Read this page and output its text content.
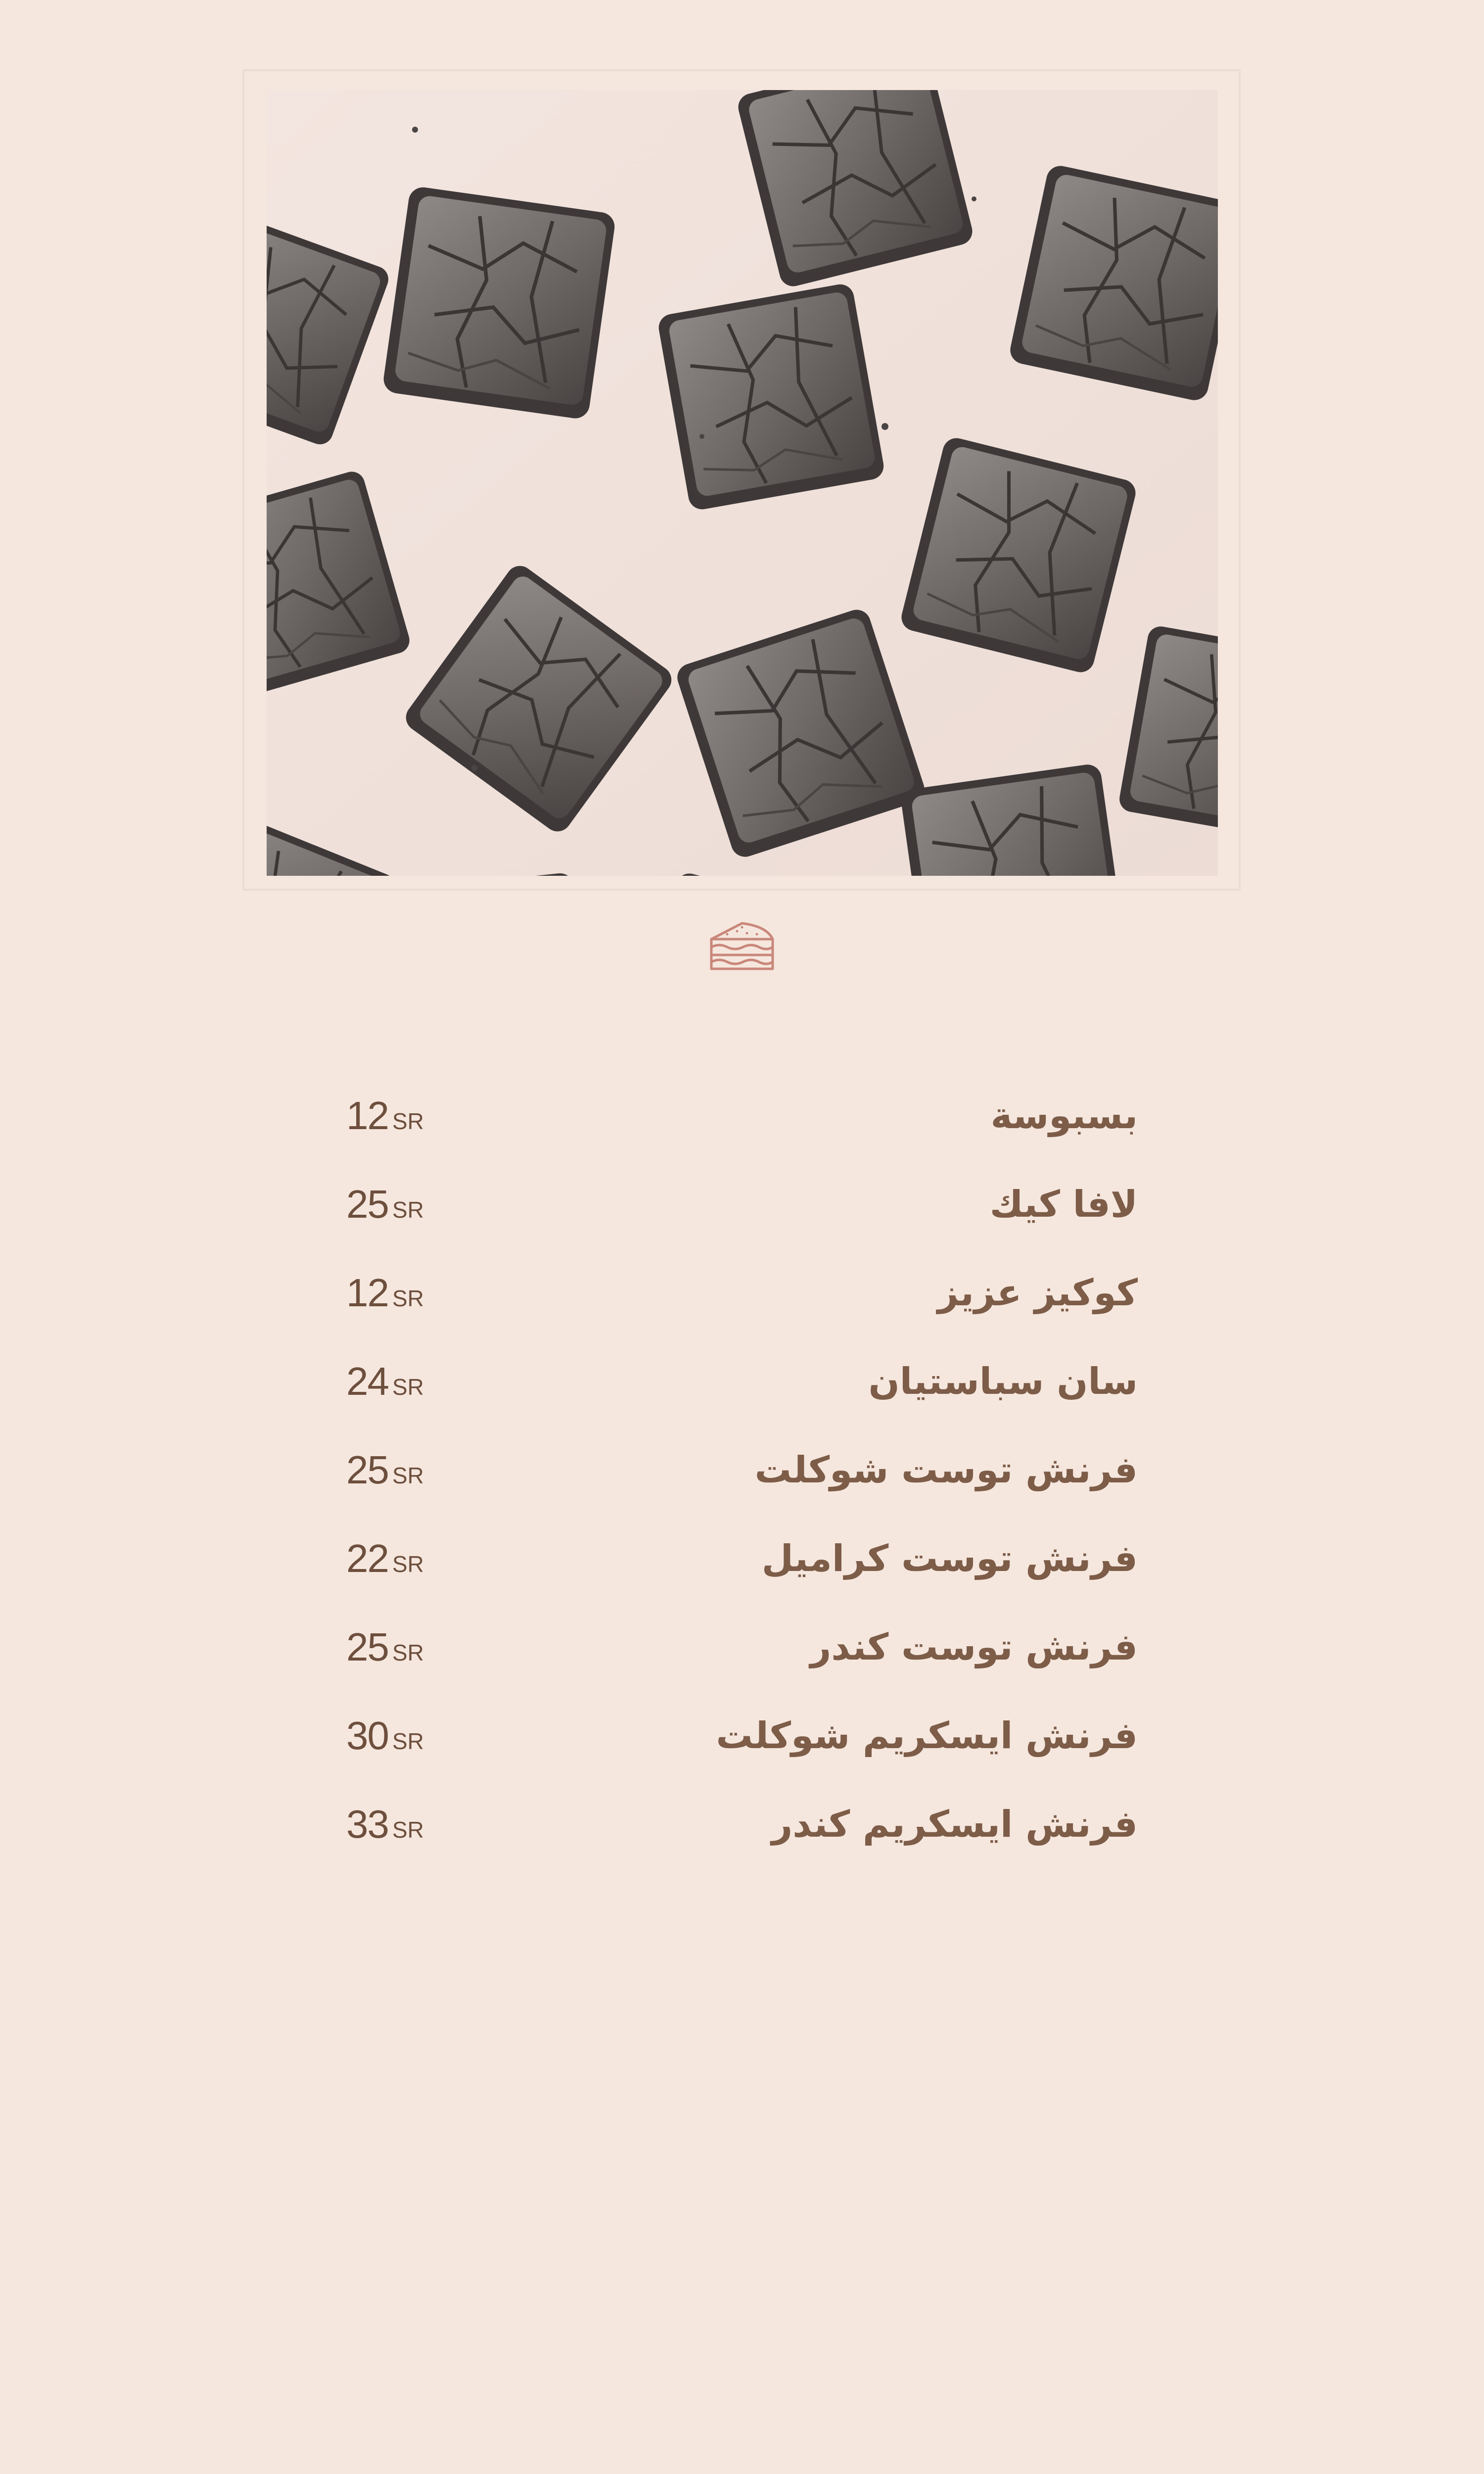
بسبوسة
12 SR
لافا كيك
25 SR
كوكيز عزيز
12 SR
سان سباستيان
24 SR
فرنش توست شوكلت
25 SR
فرنش توست كراميل
22 SR
فرنش توست كندر
25 SR
فرنش ايسكريم شوكلت
30 SR
فرنش ايسكريم كندر
33 SR
